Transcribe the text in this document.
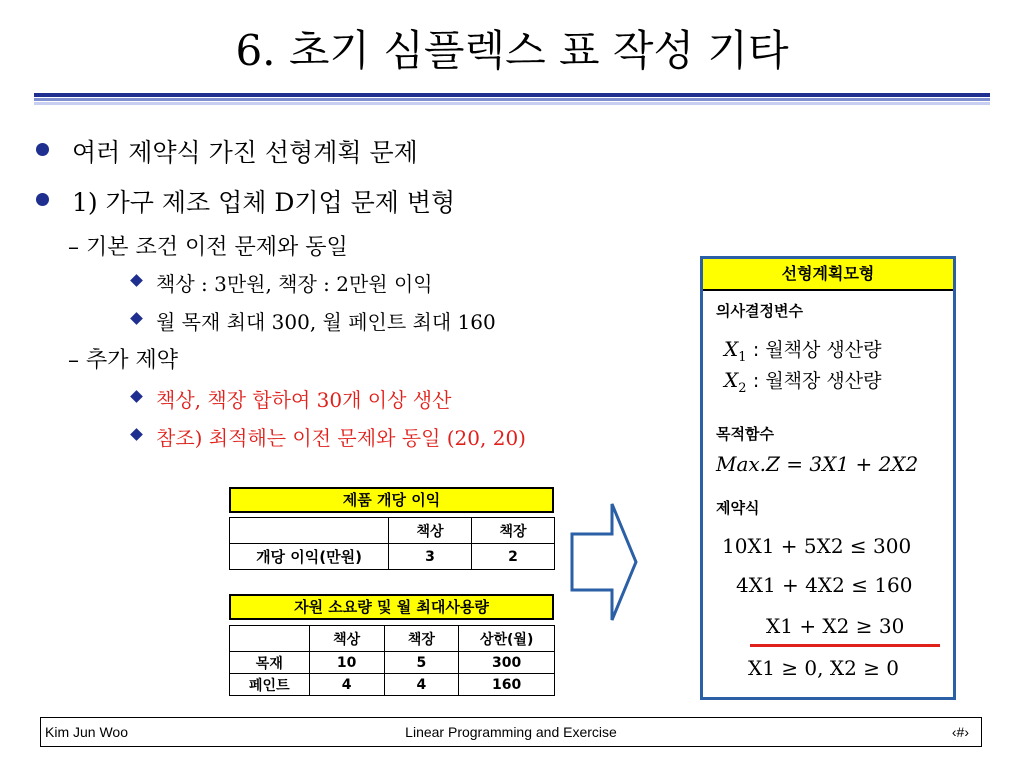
6. 초기 심플렉스 표 작성 기타
여러 제약식 가진 선형계획 문제
1) 가구 제조 업체 D기업 문제 변형
– 기본 조건 이전 문제와 동일
책상 : 3만원, 책장 : 2만원 이익
월 목재 최대 300, 월 페인트 최대 160
– 추가 제약
책상, 책장 합하여 30개 이상 생산
참조) 최적해는 이전 문제와 동일 (20, 20)
제품 개당 이익
	책상	책장
개당 이익(만원)	3	2
자원 소요량 및 월 최대사용량
	책상	책장	상한(월)
목재	10	5	300
페인트	4	4	160
선형계획모형
의사결정변수
$X_1$ : 월책상 생산량
$X_2$ : 월책장 생산량
목적함수
Max.Z = 3X1 + 2X2
제약식
10X1 + 5X2 ≤ 300
4X1 + 4X2 ≤ 160
X1 + X2 ≥ 30
X1 ≥ 0, X2 ≥ 0
Kim Jun Woo	Linear Programming and Exercise	‹#›
